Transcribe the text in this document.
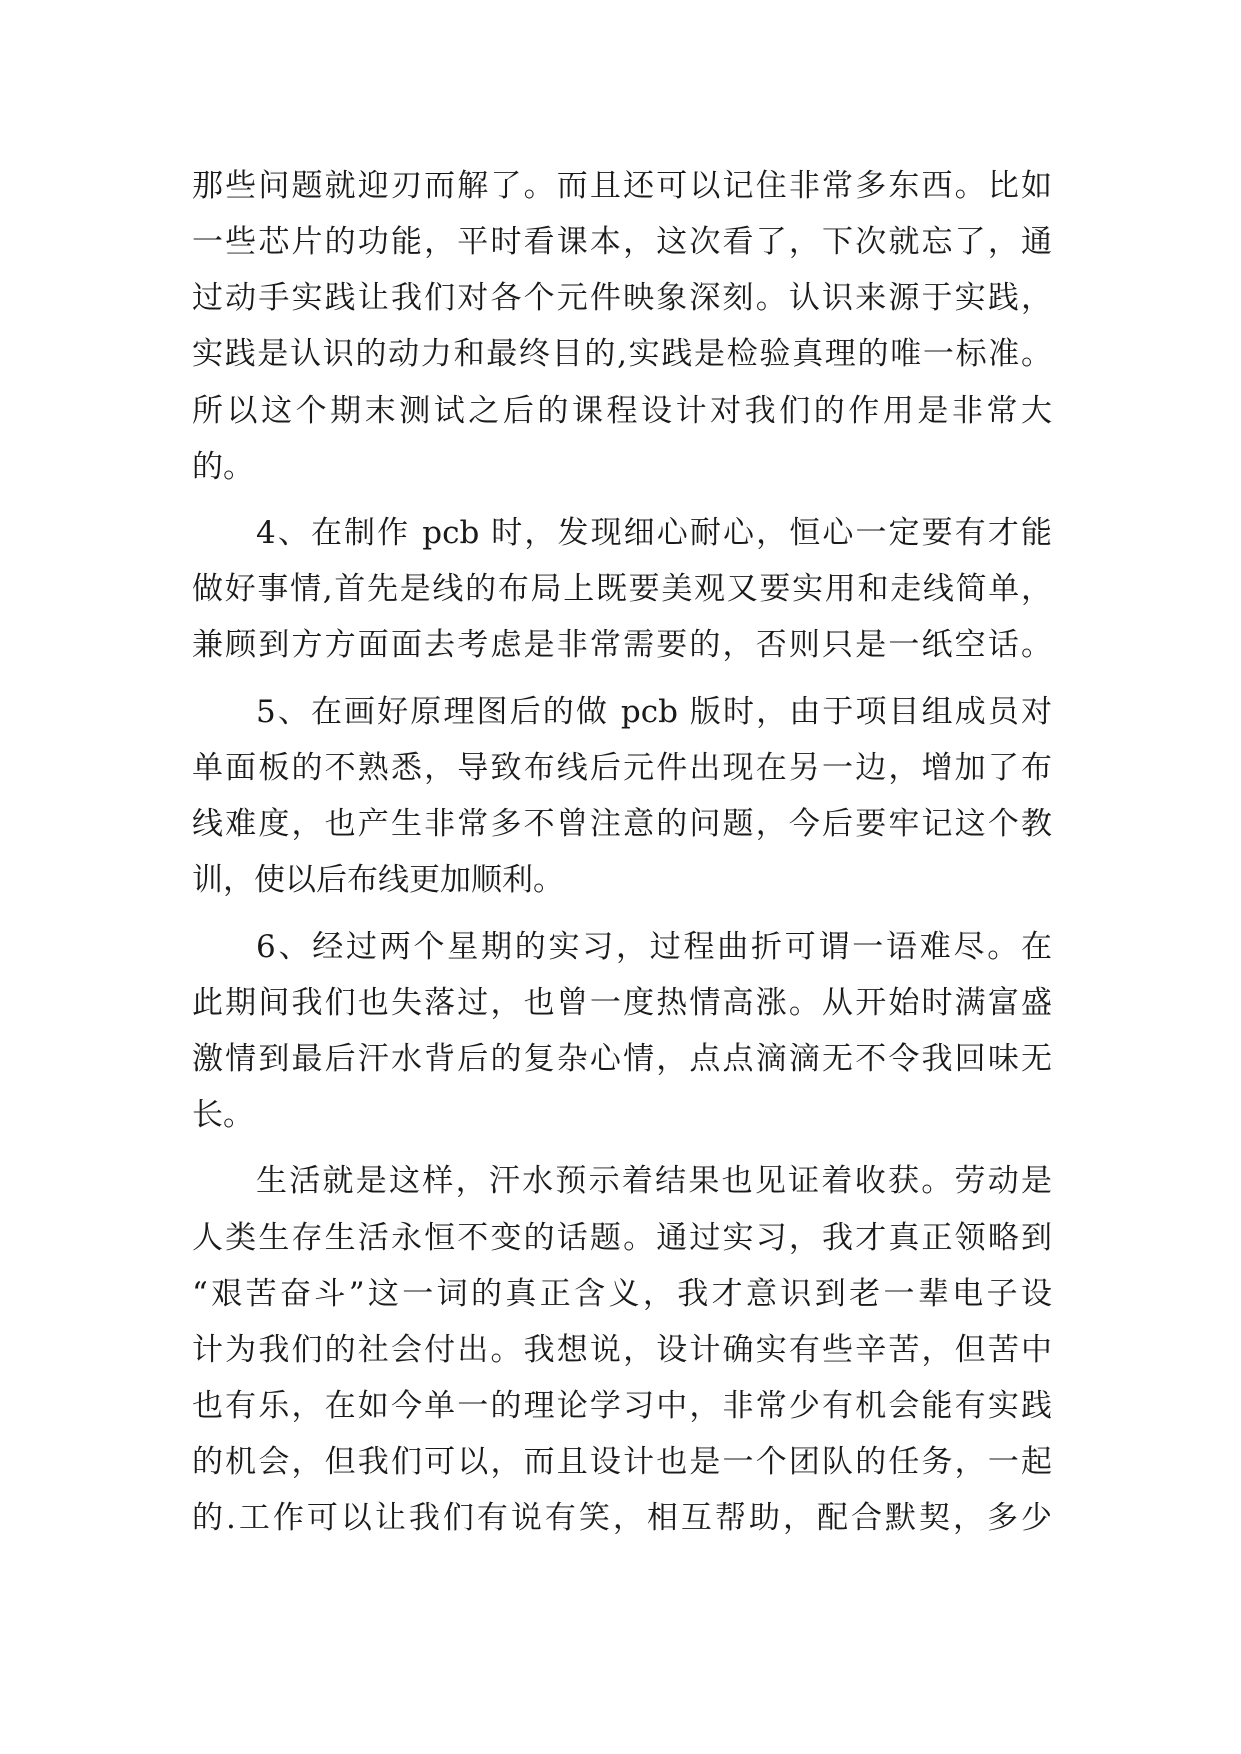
那些问题就迎刃而解了。而且还可以记住非常多东西。比如
一些芯片的功能，平时看课本，这次看了，下次就忘了，通
过动手实践让我们对各个元件映象深刻。认识来源于实践，
实践是认识的动力和最终目的,实践是检验真理的唯一标准。
所以这个期末测试之后的课程设计对我们的作用是非常大
的。
4、在制作 pcb 时，发现细心耐心，恒心一定要有才能
做好事情,首先是线的布局上既要美观又要实用和走线简单，
兼顾到方方面面去考虑是非常需要的，否则只是一纸空话。
5、在画好原理图后的做 pcb 版时，由于项目组成员对
单面板的不熟悉，导致布线后元件出现在另一边，增加了布
线难度，也产生非常多不曾注意的问题，今后要牢记这个教
训，使以后布线更加顺利。
6、经过两个星期的实习，过程曲折可谓一语难尽。在
此期间我们也失落过，也曾一度热情高涨。从开始时满富盛
激情到最后汗水背后的复杂心情，点点滴滴无不令我回味无
长。
生活就是这样，汗水预示着结果也见证着收获。劳动是
人类生存生活永恒不变的话题。通过实习，我才真正领略到
“艰苦奋斗”这一词的真正含义，我才意识到老一辈电子设
计为我们的社会付出。我想说，设计确实有些辛苦，但苦中
也有乐，在如今单一的理论学习中，非常少有机会能有实践
的机会，但我们可以，而且设计也是一个团队的任务，一起
的.工作可以让我们有说有笑，相互帮助，配合默契，多少
